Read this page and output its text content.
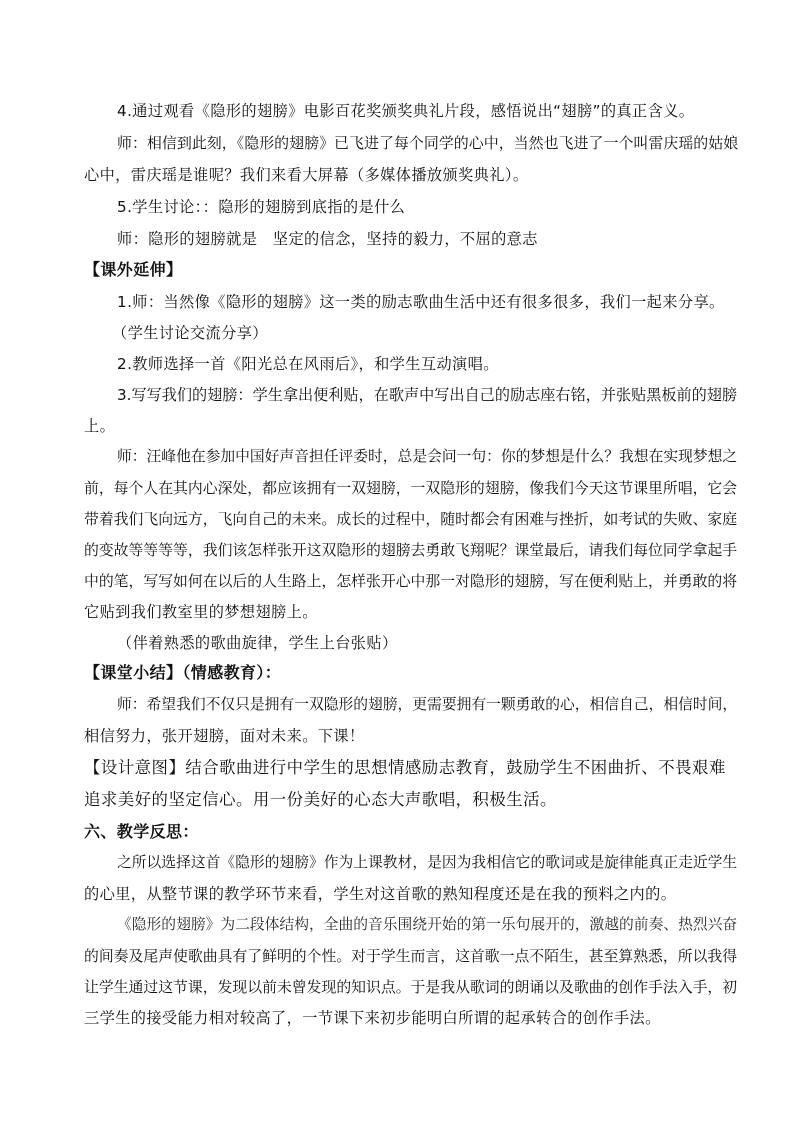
4.通过观看《隐形的翅膀》电影百花奖颁奖典礼片段，感悟说出“翅膀”的真正含义。
师：相信到此刻，《隐形的翅膀》已飞进了每个同学的心中，当然也飞进了一个叫雷庆瑶的姑娘
心中，雷庆瑶是谁呢？我们来看大屏幕（多媒体播放颁奖典礼）。
5.学生讨论：：隐形的翅膀到底指的是什么
师：隐形的翅膀就是　坚定的信念，坚持的毅力，不屈的意志
【课外延伸】
1.师：当然像《隐形的翅膀》这一类的励志歌曲生活中还有很多很多，我们一起来分享。
（学生讨论交流分享）
2.教师选择一首《阳光总在风雨后》，和学生互动演唱。
3.写写我们的翅膀：学生拿出便利贴，在歌声中写出自己的励志座右铭，并张贴黑板前的翅膀
上。
师：汪峰他在参加中国好声音担任评委时，总是会问一句：你的梦想是什么？我想在实现梦想之
前，每个人在其内心深处，都应该拥有一双翅膀，一双隐形的翅膀，像我们今天这节课里所唱，它会
带着我们飞向远方，飞向自己的未来。成长的过程中，随时都会有困难与挫折，如考试的失败、家庭
的变故等等等等，我们该怎样张开这双隐形的翅膀去勇敢飞翔呢？课堂最后，请我们每位同学拿起手
中的笔，写写如何在以后的人生路上，怎样张开心中那一对隐形的翅膀，写在便利贴上，并勇敢的将
它贴到我们教室里的梦想翅膀上。
（伴着熟悉的歌曲旋律，学生上台张贴）
【课堂小结】（情感教育）：
师：希望我们不仅只是拥有一双隐形的翅膀，更需要拥有一颗勇敢的心，相信自己，相信时间，
相信努力，张开翅膀，面对未来。下课！
【设计意图】结合歌曲进行中学生的思想情感励志教育，鼓励学生不困曲折、不畏艰难
追求美好的坚定信心。用一份美好的心态大声歌唱，积极生活。
六、教学反思：
之所以选择这首《隐形的翅膀》作为上课教材，是因为我相信它的歌词或是旋律能真正走近学生
的心里，从整节课的教学环节来看，学生对这首歌的熟知程度还是在我的预料之内的。
《隐形的翅膀》为二段体结构，全曲的音乐围绕开始的第一乐句展开的，激越的前奏、热烈兴奋
的间奏及尾声使歌曲具有了鲜明的个性。对于学生而言，这首歌一点不陌生，甚至算熟悉，所以我得
让学生通过这节课，发现以前未曾发现的知识点。于是我从歌词的朗诵以及歌曲的创作手法入手，初
三学生的接受能力相对较高了，一节课下来初步能明白所谓的起承转合的创作手法。
